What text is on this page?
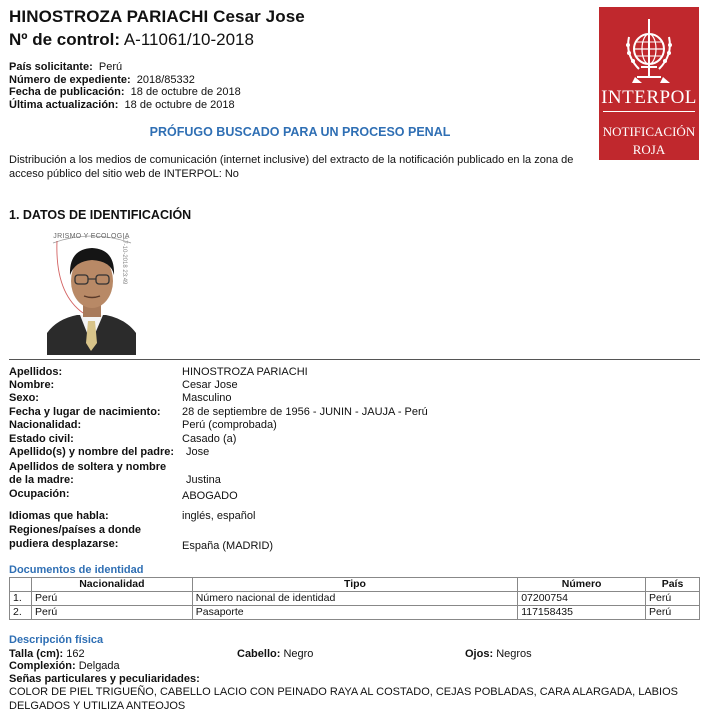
HINOSTROZA PARIACHI Cesar Jose
Nº de control: A-11061/10-2018
País solicitante: Perú
Número de expediente: 2018/85332
Fecha de publicación: 18 de octubre de 2018
Última actualización: 18 de octubre de 2018
PRÓFUGO BUSCADO PARA UN PROCESO PENAL
Distribución a los medios de comunicación (internet inclusive) del extracto de la notificación publicado en la zona de acceso público del sitio web de INTERPOL: No
INTERPOL
NOTIFICACIÓN
ROJA
1. DATOS DE IDENTIFICACIÓN
JRISMO Y ECOLOGIA
17-10-2018 23:49
Apellidos:	HINOSTROZA PARIACHI
Nombre:	Cesar Jose
Sexo:	Masculino
Fecha y lugar de nacimiento: 28 de septiembre de 1956 - JUNIN - JAUJA - Perú
Nacionalidad:	Perú (comprobada)
Estado civil:	Casado (a)
Apellido(s) y nombre del padre: Jose
Apellidos de soltera y nombre
de la madre:	Justina
Ocupación:	ABOGADO
Idiomas que habla:	inglés, español
Regiones/países a donde
pudiera desplazarse:	España (MADRID)
Documentos de identidad
	Nacionalidad	Tipo	Número	País
1.	Perú	Número nacional de identidad	07200754	Perú
2.	Perú	Pasaporte	117158435	Perú
Descripción física
Talla (cm): 162	Cabello: Negro	Ojos: Negros
Complexión: Delgada
Señas particulares y peculiaridades:
COLOR DE PIEL TRIGUEÑO, CABELLO LACIO CON PEINADO RAYA AL COSTADO, CEJAS POBLADAS, CARA ALARGADA, LABIOS DELGADOS Y UTILIZA ANTEOJOS
